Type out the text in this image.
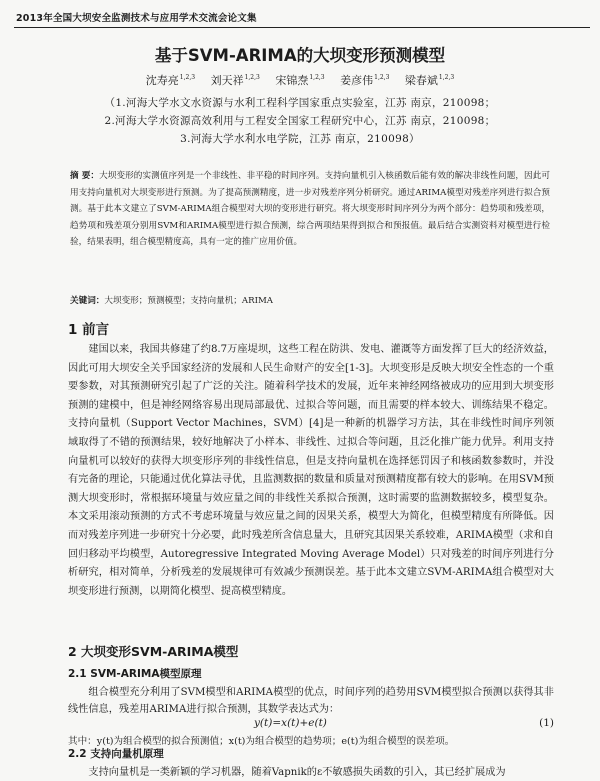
2013年全国大坝安全监测技术与应用学术交流会论文集
基于SVM-ARIMA的大坝变形预测模型
沈寿亮$^{1,2,3}$ 刘天祥$^{1,2,3}$ 宋锦焘$^{1,2,3}$ 姜彦伟$^{1,2,3}$ 梁春斌$^{1,2,3}$
（1.河海大学水文水资源与水利工程科学国家重点实验室，江苏 南京，210098；
2.河海大学水资源高效利用与工程安全国家工程研究中心，江苏 南京，210098；
3.河海大学水利水电学院，江苏 南京，210098）
摘 要：大坝变形的实测值序列是一个非线性、非平稳的时间序列。支持向量机引入核函数后能有效的解决非线性问题，因此可用支持向量机对大坝变形进行预测。为了提高预测精度，进一步对残差序列分析研究。通过ARIMA模型对残差序列进行拟合预测。基于此本文建立了SVM-ARIMA组合模型对大坝的变形进行研究。将大坝变形时间序列分为两个部分：趋势项和残差项，趋势项和残差项分别用SVM和ARIMA模型进行拟合预测，综合两项结果得到拟合和预报值。最后结合实测资料对模型进行检验，结果表明，组合模型精度高，具有一定的推广应用价值。
关键词：大坝变形；预测模型；支持向量机；ARIMA
1 前言
建国以来，我国共修建了约8.7万座堤坝，这些工程在防洪、发电、灌溉等方面发挥了巨大的经济效益，因此可用大坝安全关乎国家经济的发展和人民生命财产的安全[1-3]。大坝变形是反映大坝安全性态的一个重要参数，对其预测研究引起了广泛的关注。随着科学技术的发展，近年来神经网络被成功的应用到大坝变形预测的建模中，但是神经网络容易出现局部最优、过拟合等问题，而且需要的样本较大、训练结果不稳定。支持向量机（Support Vector Machines，SVM）[4]是一种新的机器学习方法，其在非线性时间序列领域取得了不错的预测结果，较好地解决了小样本、非线性、过拟合等问题，且泛化推广能力优异。利用支持向量机可以较好的获得大坝变形序列的非线性信息，但是支持向量机在选择惩罚因子和核函数参数时，并没有完备的理论，只能通过优化算法寻优，且监测数据的数量和质量对预测精度都有较大的影响。在用SVM预测大坝变形时，常根据环境量与效应量之间的非线性关系拟合预测，这时需要的监测数据较多，模型复杂。本文采用滚动预测的方式不考虑环境量与效应量之间的因果关系，模型大为简化，但模型精度有所降低。因而对残差序列进一步研究十分必要，此时残差所含信息量大，且研究其因果关系较难，ARIMA模型（求和自回归移动平均模型，Autoregressive Integrated Moving Average Model）只对残差的时间序列进行分析研究，相对简单，分析残差的发展规律可有效减少预测误差。基于此本文建立SVM-ARIMA组合模型对大坝变形进行预测，以期简化模型、提高模型精度。
2 大坝变形SVM-ARIMA模型
2.1 SVM-ARIMA模型原理
组合模型充分利用了SVM模型和ARIMA模型的优点，时间序列的趋势用SVM模型拟合预测以获得其非线性信息，残差用ARIMA进行拟合预测，其数学表达式为：
y(t)=x(t)+e(t)	(1)
其中：y(t)为组合模型的拟合预测值；x(t)为组合模型的趋势项；e(t)为组合模型的误差项。
2.2 支持向量机原理
支持向量机是一类新颖的学习机器，随着Vapnik的ε不敏感损失函数的引入，其已经扩展成为
